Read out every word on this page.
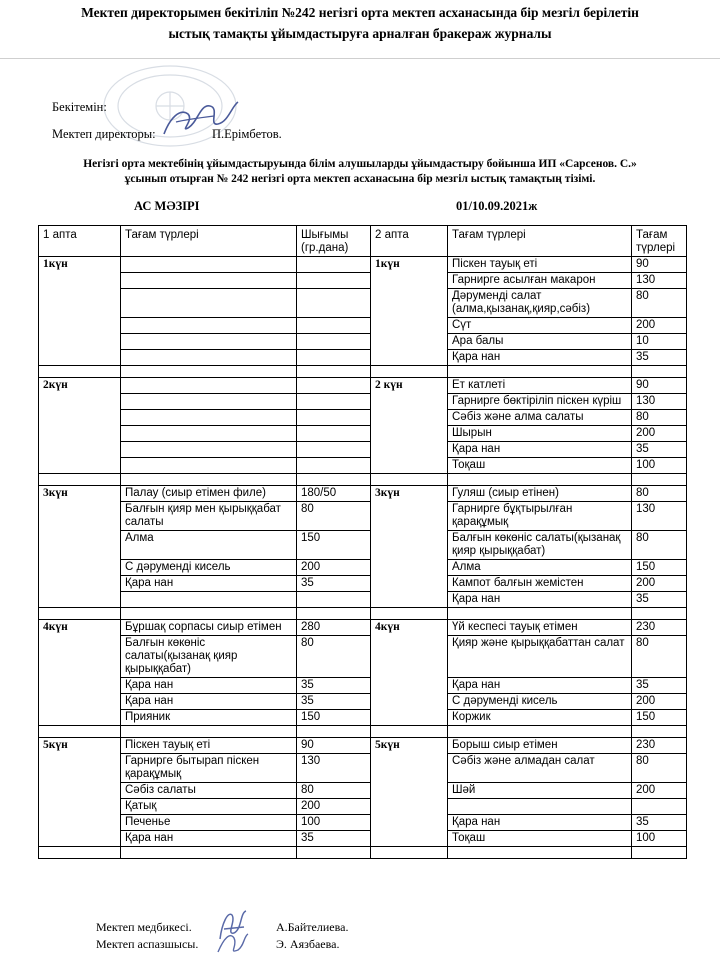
Мектеп директорымен бекітіліп №242 негізгі орта мектеп асханасында бір мезгіл берілетін
ыстық тамақты ұйымдастыруға арналған бракераж журналы
Бекітемін:
Мектеп директоры:	П.Ерімбетов.
Негізгі орта мектебінің ұйымдастыруында білім алушыларды ұйымдастыру бойынша ИП «Сарсенов. С.»
ұсынып отырған № 242 негізгі орта мектеп асханасына бір мезгіл ыстық тамақтың тізімі.
АС МӘЗІРІ	01/10.09.2021ж
1 апта	Тағам түрлері	Шығымы (гр.дана)	2 апта	Тағам түрлері	Тағам түрлері
1күн			1күн	Піскен тауық еті	90
				Гарнирге асылған макарон	130
				Дәруменді салат (алма,қызанақ,қияр,сәбіз)	80
				Сүт	200
				Ара балы	10
				Қара нан	35

2күн			2 күн	Ет катлеті	90
				Гарнирге бөктіріліп піскен күріш	130
				Сәбіз және алма салаты	80
				Шырын	200
				Қара нан	35
				Тоқаш	100

3күн	Палау (сиыр етімен филе)	180/50	3күн	Гуляш (сиыр етінен)	80
	Балғын қияр мен қырыққабат салаты	80		Гарнирге бұқтырылған қарақұмық	130
	Алма	150		Балғын көкөніс салаты(қызанақ қияр қырыққабат)	80
	С дәруменді кисель	200		Алма	150
	Қара нан	35		Кампот балғын жемістен	200
				Қара нан	35

4күн	Бұршақ сорпасы сиыр етімен	280	4күн	Үй кеспесі тауық етімен	230
	Балғын көкөніс салаты(қызанақ қияр қырыққабат)	80		Қияр және қырыққабаттан салат	80
	Қара нан	35		Қара нан	35
	Қара нан	35		С дәруменді кисель	200
	Прияник	150		Коржик	150

5күн	Піскен тауық еті	90	5күн	Борыш сиыр етімен	230
	Гарнирге бытырап піскен қарақұмық	130		Сәбіз және алмадан салат	80
	Сәбіз салаты	80		Шәй	200
	Қатық	200			
	Печенье	100		Қара нан	35
	Қара нан	35		Тоқаш	100

Мектеп медбикесі.	А.Байтелиева.
Мектеп аспазшысы.	Э. Аязбаева.
